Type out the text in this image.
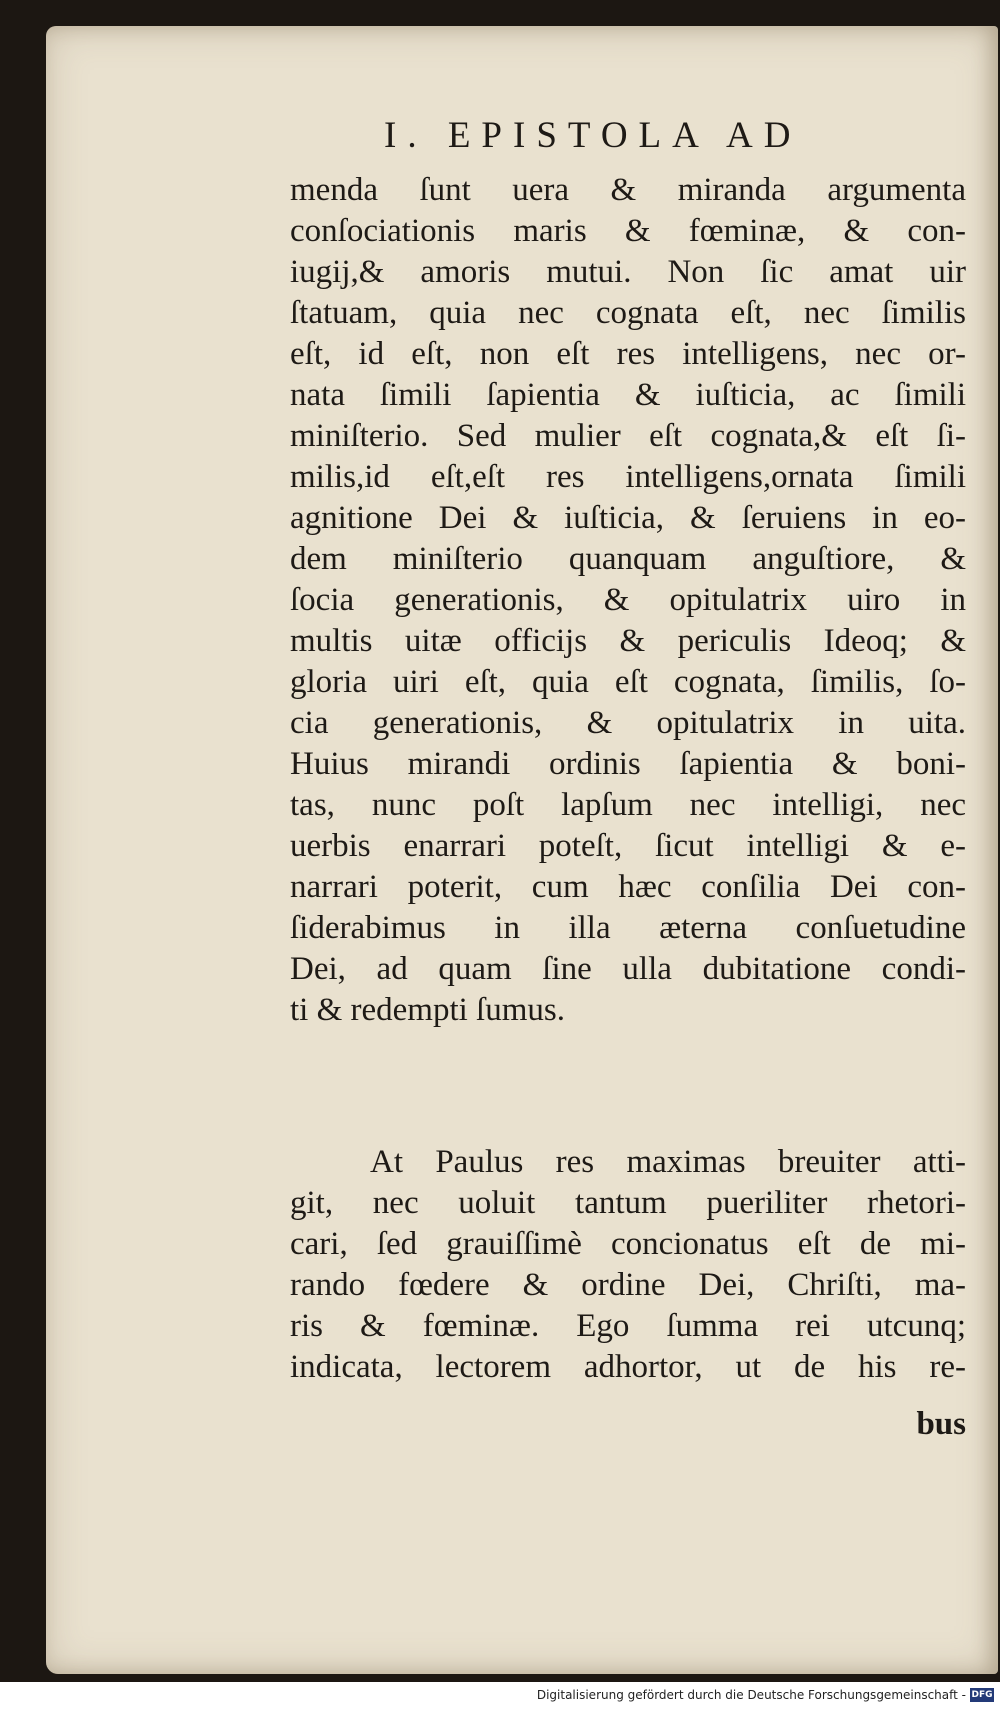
I. EPISTOLA AD
menda ſunt uera & miranda argumenta
conſociationis maris & fœminæ, & con-
iugij,& amoris mutui. Non ſic amat uir
ſtatuam, quia nec cognata eſt, nec ſimilis
eſt, id eſt, non eſt res intelligens, nec or-
nata ſimili ſapientia & iuſticia, ac ſimili
miniſterio. Sed mulier eſt cognata,& eſt ſi-
milis,id eſt,eſt res intelligens,ornata ſimili
agnitione Dei & iuſticia, & ſeruiens in eo-
dem miniſterio quanquam anguſtiore, &
ſocia generationis, & opitulatrix uiro in
multis uitæ officijs & periculis Ideoq; &
gloria uiri eſt, quia eſt cognata, ſimilis, ſo-
cia generationis, & opitulatrix in uita.
Huius mirandi ordinis ſapientia & boni-
tas, nunc poſt lapſum nec intelligi, nec
uerbis enarrari poteſt, ſicut intelligi & e-
narrari poterit, cum hæc conſilia Dei con-
ſiderabimus in illa æterna conſuetudine
Dei, ad quam ſine ulla dubitatione condi-
ti & redempti ſumus.
At Paulus res maximas breuiter atti-
git, nec uoluit tantum pueriliter rhetori-
cari, ſed grauiſſimè concionatus eſt de mi-
rando fœdere & ordine Dei, Chriſti, ma-
ris & fœminæ. Ego ſumma rei utcunq;
indicata, lectorem adhortor, ut de his re-
bus
Digitalisierung gefördert durch die Deutsche Forschungsgemeinschaft - DFG
